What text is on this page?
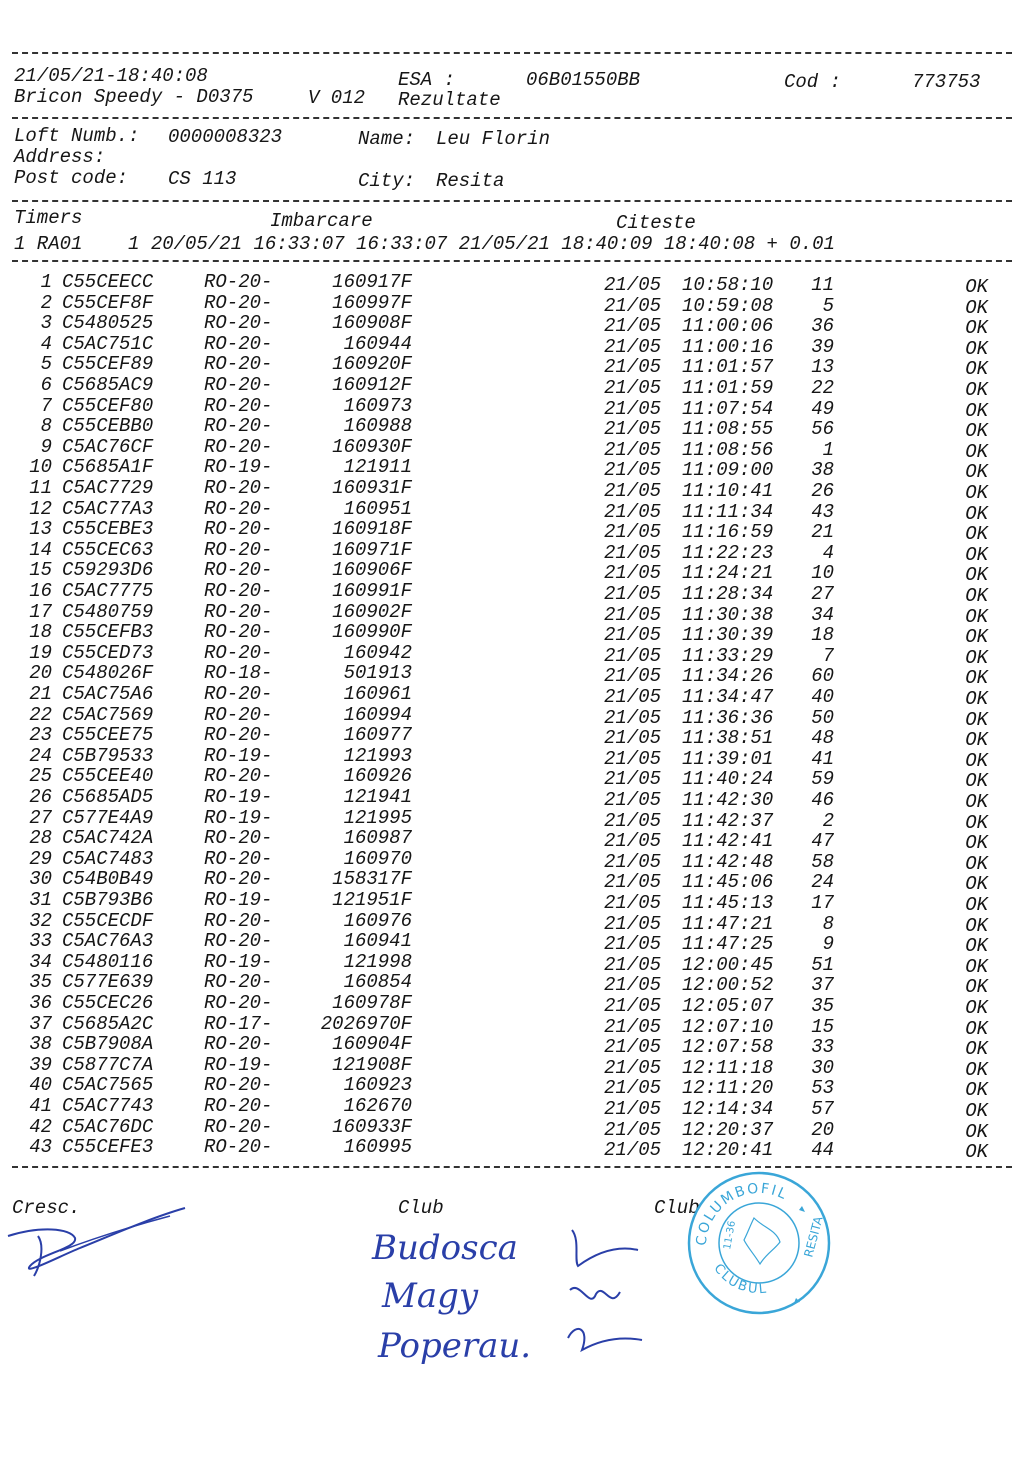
21/05/21-18:40:08	ESA :	06B01550BB	Cod :	773753
Bricon Speedy - D0375	V 012 Rezultate
Loft Numb.: 0000008323	Name: Leu Florin
Address:
Post code: CS 113	City: Resita
Timers	Imbarcare	Citeste
1 RA01    1 20/05/21 16:33:07 16:33:07 21/05/21 18:40:09 18:40:08 + 0.01
1 C55CEECC	RO-20-	160917F	21/05 10:58:10	11	OK
2 C55CEF8F	RO-20-	160997F	21/05 10:59:08	5	OK
3 C5480525	RO-20-	160908F	21/05 11:00:06	36	OK
4 C5AC751C	RO-20-	160944	21/05 11:00:16	39	OK
5 C55CEF89	RO-20-	160920F	21/05 11:01:57	13	OK
6 C5685AC9	RO-20-	160912F	21/05 11:01:59	22	OK
7 C55CEF80	RO-20-	160973	21/05 11:07:54	49	OK
8 C55CEBB0	RO-20-	160988	21/05 11:08:55	56	OK
9 C5AC76CF	RO-20-	160930F	21/05 11:08:56	1	OK
10 C5685A1F	RO-19-	121911	21/05 11:09:00	38	OK
11 C5AC7729	RO-20-	160931F	21/05 11:10:41	26	OK
12 C5AC77A3	RO-20-	160951	21/05 11:11:34	43	OK
13 C55CEBE3	RO-20-	160918F	21/05 11:16:59	21	OK
14 C55CEC63	RO-20-	160971F	21/05 11:22:23	4	OK
15 C59293D6	RO-20-	160906F	21/05 11:24:21	10	OK
16 C5AC7775	RO-20-	160991F	21/05 11:28:34	27	OK
17 C5480759	RO-20-	160902F	21/05 11:30:38	34	OK
18 C55CEFB3	RO-20-	160990F	21/05 11:30:39	18	OK
19 C55CED73	RO-20-	160942	21/05 11:33:29	7	OK
20 C548026F	RO-18-	501913	21/05 11:34:26	60	OK
21 C5AC75A6	RO-20-	160961	21/05 11:34:47	40	OK
22 C5AC7569	RO-20-	160994	21/05 11:36:36	50	OK
23 C55CEE75	RO-20-	160977	21/05 11:38:51	48	OK
24 C5B79533	RO-19-	121993	21/05 11:39:01	41	OK
25 C55CEE40	RO-20-	160926	21/05 11:40:24	59	OK
26 C5685AD5	RO-19-	121941	21/05 11:42:30	46	OK
27 C577E4A9	RO-19-	121995	21/05 11:42:37	2	OK
28 C5AC742A	RO-20-	160987	21/05 11:42:41	47	OK
29 C5AC7483	RO-20-	160970	21/05 11:42:48	58	OK
30 C54B0B49	RO-20-	158317F	21/05 11:45:06	24	OK
31 C5B793B6	RO-19-	121951F	21/05 11:45:13	17	OK
32 C55CECDF	RO-20-	160976	21/05 11:47:21	8	OK
33 C5AC76A3	RO-20-	160941	21/05 11:47:25	9	OK
34 C5480116	RO-19-	121998	21/05 12:00:45	51	OK
35 C577E639	RO-20-	160854	21/05 12:00:52	37	OK
36 C55CEC26	RO-20-	160978F	21/05 12:05:07	35	OK
37 C5685A2C	RO-17-	2026970F	21/05 12:07:10	15	OK
38 C5B7908A	RO-20-	160904F	21/05 12:07:58	33	OK
39 C5877C7A	RO-19-	121908F	21/05 12:11:18	30	OK
40 C5AC7565	RO-20-	160923	21/05 12:11:20	53	OK
41 C5AC7743	RO-20-	162670	21/05 12:14:34	57	OK
42 C5AC76DC	RO-20-	160933F	21/05 12:20:37	20	OK
43 C55CEFE3	RO-20-	160995	21/05 12:20:41	44	OK
Cresc.	Club	Club
Budosca
Magy
Poperau.
COLUMBOFIL
CLUBUL
RESITA
11-36
